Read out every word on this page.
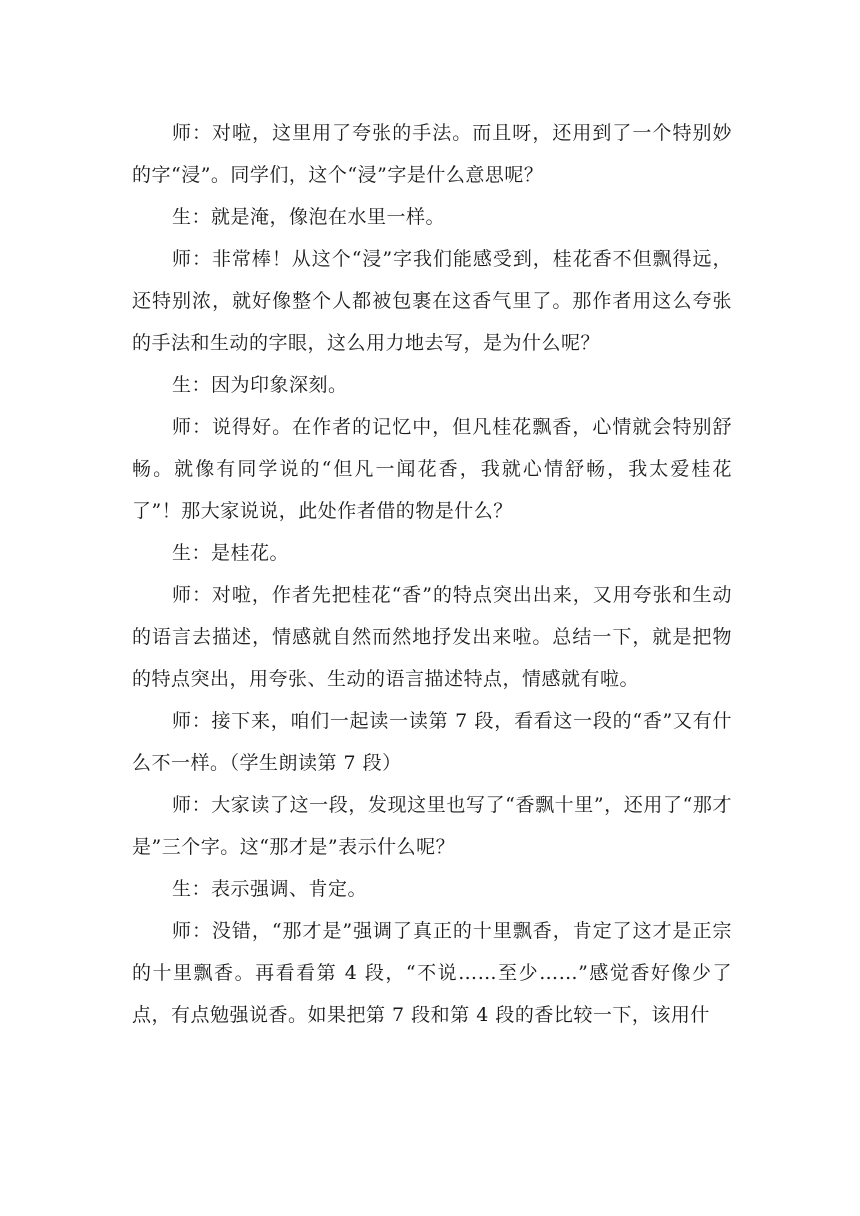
师：对啦，这里用了夸张的手法。而且呀，还用到了一个特别妙的字“浸”。同学们，这个“浸”字是什么意思呢？

生：就是淹，像泡在水里一样。

师：非常棒！从这个“浸”字我们能感受到，桂花香不但飘得远，还特别浓，就好像整个人都被包裹在这香气里了。那作者用这么夸张的手法和生动的字眼，这么用力地去写，是为什么呢？

生：因为印象深刻。

师：说得好。在作者的记忆中，但凡桂花飘香，心情就会特别舒畅。就像有同学说的“但凡一闻花香，我就心情舒畅，我太爱桂花了”！那大家说说，此处作者借的物是什么？

生：是桂花。

师：对啦，作者先把桂花“香”的特点突出出来，又用夸张和生动的语言去描述，情感就自然而然地抒发出来啦。总结一下，就是把物的特点突出，用夸张、生动的语言描述特点，情感就有啦。

师：接下来，咱们一起读一读第 7 段，看看这一段的“香”又有什么不一样。（学生朗读第 7 段）

师：大家读了这一段，发现这里也写了“香飘十里”，还用了“那才是”三个字。这“那才是”表示什么呢？

生：表示强调、肯定。

师：没错，“那才是”强调了真正的十里飘香，肯定了这才是正宗的十里飘香。再看看第 4 段，“不说……至少……”感觉香好像少了点，有点勉强说香。如果把第 7 段和第 4 段的香比较一下，该用什
